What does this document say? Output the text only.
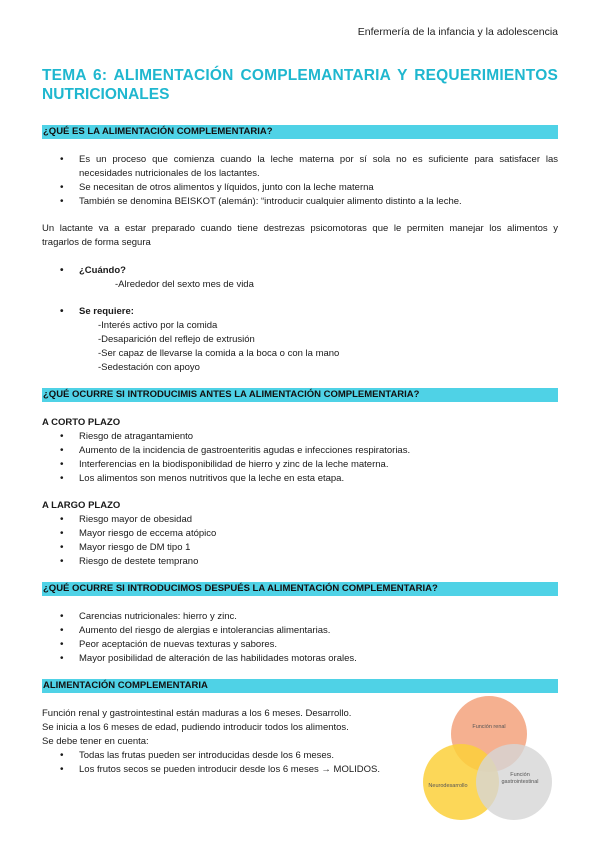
Enfermería de la infancia y la adolescencia
TEMA 6: ALIMENTACIÓN COMPLEMANTARIA Y REQUERIMIENTOS
NUTRICIONALES
¿QUÉ ES LA ALIMENTACIÓN COMPLEMENTARIA?
• Es un proceso que comienza cuando la leche materna por sí sola no es suficiente para satisfacer las
necesidades nutricionales de los lactantes.
• Se necesitan de otros alimentos y líquidos, junto con la leche materna
• También se denomina BEISKOT (alemán): “introducir cualquier alimento distinto a la leche.
Un lactante va a estar preparado cuando tiene destrezas psicomotoras que le permiten manejar los alimentos y
tragarlos de forma segura
• ¿Cuándo?
-Alrededor del sexto mes de vida
• Se requiere:
-Interés activo por la comida
-Desaparición del reflejo de extrusión
-Ser capaz de llevarse la comida a la boca o con la mano
-Sedestación con apoyo
¿QUÉ OCURRE SI INTRODUCIMIS ANTES LA ALIMENTACIÓN COMPLEMENTARIA?
A CORTO PLAZO
• Riesgo de atragantamiento
• Aumento de la incidencia de gastroenteritis agudas e infecciones respiratorias.
• Interferencias en la biodisponibilidad de hierro y zinc de la leche materna.
• Los alimentos son menos nutritivos que la leche en esta etapa.
A LARGO PLAZO
• Riesgo mayor de obesidad
• Mayor riesgo de eccema atópico
• Mayor riesgo de DM tipo 1
• Riesgo de destete temprano
¿QUÉ OCURRE SI INTRODUCIMOS DESPUÉS LA ALIMENTACIÓN COMPLEMENTARIA?
• Carencias nutricionales: hierro y zinc.
• Aumento del riesgo de alergias e intolerancias alimentarias.
• Peor aceptación de nuevas texturas y sabores.
• Mayor posibilidad de alteración de las habilidades motoras orales.
ALIMENTACIÓN COMPLEMENTARIA
Función renal y gastrointestinal están maduras a los 6 meses. Desarrollo.
Se inicia a los 6 meses de edad, pudiendo introducir todos los alimentos.
Se debe tener en cuenta:
• Todas las frutas pueden ser introducidas desde los 6 meses.
• Los frutos secos se pueden introducir desde los 6 meses → MOLIDOS.
Función renal
Neurodesarrollo
Función
gastrointestinal
